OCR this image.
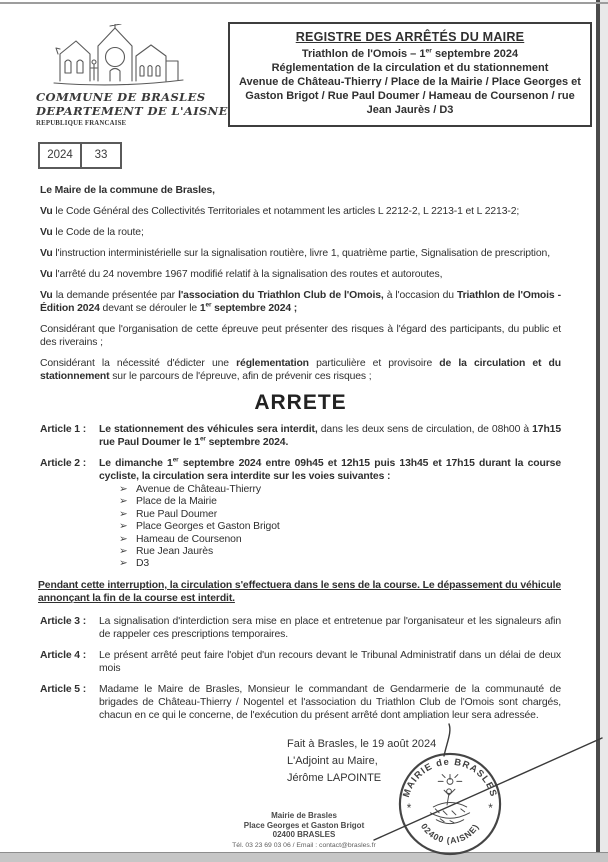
COMMUNE DE BRASLES
DEPARTEMENT DE L'AISNE
REPUBLIQUE FRANCAISE
REGISTRE DES ARRÊTÉS DU MAIRE
Triathlon de l'Omois – 1er septembre 2024
Réglementation de la circulation et du stationnement
Avenue de Château-Thierry / Place de la Mairie / Place Georges et Gaston Brigot / Rue Paul Doumer / Hameau de Coursenon / rue Jean Jaurès / D3
2024	33

Le Maire de la commune de Brasles,

Vu le Code Général des Collectivités Territoriales et notamment les articles L 2212-2, L 2213-1 et L 2213-2;

Vu le Code de la route;

Vu l'instruction interministérielle sur la signalisation routière, livre 1, quatrième partie, Signalisation de prescription,

Vu l'arrêté du 24 novembre 1967 modifié relatif à la signalisation des routes et autoroutes,

Vu la demande présentée par l'association du Triathlon Club de l'Omois, à l'occasion du Triathlon de l'Omois - Édition 2024 devant se dérouler le 1er septembre 2024 ;

Considérant que l'organisation de cette épreuve peut présenter des risques à l'égard des participants, du public et des riverains ;

Considérant la nécessité d'édicter une réglementation particulière et provisoire de la circulation et du stationnement sur le parcours de l'épreuve, afin de prévenir ces risques ;

ARRETE
Article 1 :	Le stationnement des véhicules sera interdit, dans les deux sens de circulation, de 08h00 à 17h15 rue Paul Doumer le 1er septembre 2024.
Article 2 :	Le dimanche 1er septembre 2024 entre 09h45 et 12h15 puis 13h45 et 17h15 durant la course cycliste, la circulation sera interdite sur les voies suivantes :
➢ Avenue de Château-Thierry
➢ Place de la Mairie
➢ Rue Paul Doumer
➢ Place Georges et Gaston Brigot
➢ Hameau de Coursenon
➢ Rue Jean Jaurès
➢ D3
Pendant cette interruption, la circulation s'effectuera dans le sens de la course. Le dépassement du véhicule annonçant la fin de la course est interdit.
Article 3 :	La signalisation d'interdiction sera mise en place et entretenue par l'organisateur et les signaleurs afin de rappeler ces prescriptions temporaires.
Article 4 :	Le présent arrêté peut faire l'objet d'un recours devant le Tribunal Administratif dans un délai de deux mois
Article 5 :	Madame le Maire de Brasles, Monsieur le commandant de Gendarmerie de la communauté de brigades de Château-Thierry / Nogentel et l'association du Triathlon Club de l'Omois sont chargés, chacun en ce qui le concerne, de l'exécution du présent arrêté dont ampliation leur sera adressée.
Fait à Brasles, le 19 août 2024
L'Adjoint au Maire,
Jérôme LAPOINTE
MAIRIE de BRASLES
02400 (AISNE)
*	*
Mairie de Brasles
Place Georges et Gaston Brigot
02400 BRASLES
Tél. 03 23 69 03 06 / Email : contact@brasles.fr
